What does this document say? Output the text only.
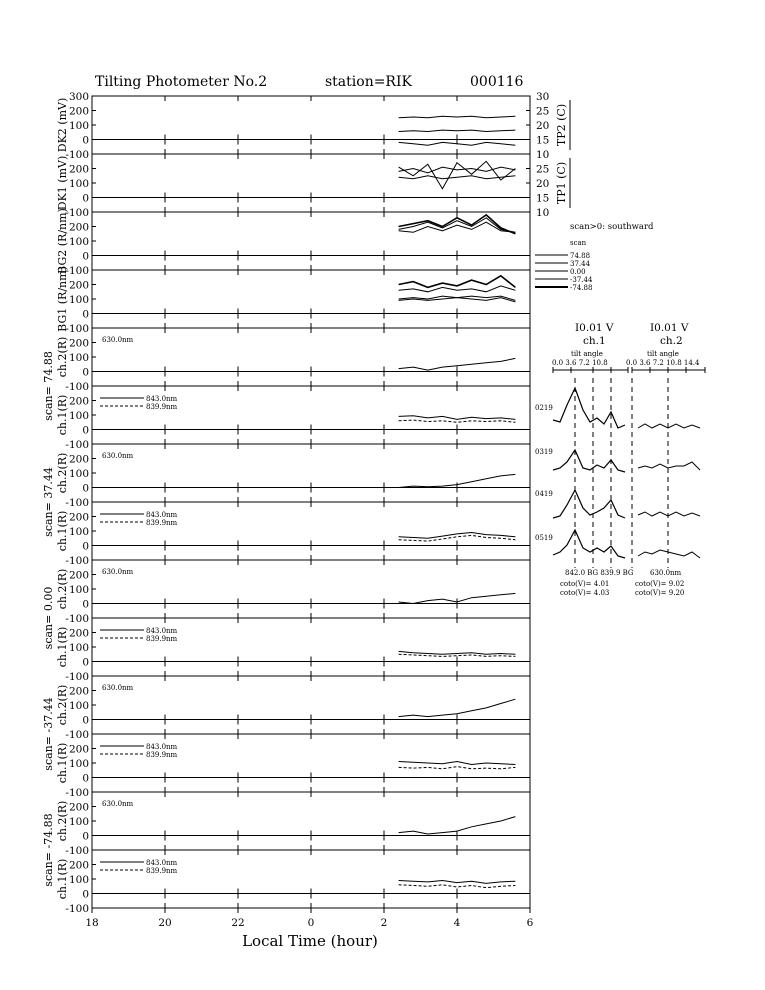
Tilting Photometer No.2	station=RIK	000116
300
200
100
0
-100
30
25
20
15
10
TP2 (C)
DK2 (mV)
200
100
0
-100
25
20
15
10
TP1 (C)
DK1 (mV)
200
100
0
-100
BG2 (R/nm)
200
100
0
-100
BG1 (R/nm)
200
100
0
-100
ch.2(R)
scan= 74.88
630.0nm
200
100
0
-100
ch.1(R)	843.0nm
839.9nm
200
100
0
-100
ch.2(R)
scan= 37.44
630.0nm
200
100
0
-100
ch.1(R)	843.0nm
839.9nm
200
100
0
-100
ch.2(R)
scan= 0.00
630.0nm
200
100
0
-100
ch.1(R)	843.0nm
839.9nm
200
100
0
-100
ch.2(R)
scan= -37.44
630.0nm
200
100
0
-100
ch.1(R)	843.0nm
839.9nm
200
100
0
-100
ch.2(R)
scan= -74.88
630.0nm
200
100
0
-100
ch.1(R)	843.0nm
839.9nm
18	20	22	0	2	4	6
Local Time (hour)
scan>0: southward
scan
74.88
37.44
0.00
-37.44
-74.88
I0.01 V	I0.01 V
ch.1	ch.2
tilt angle	tilt angle
0.0 3.6 7.2 10.8	0.0 3.6 7.2 10.8 14.4
0219
0319
0419
0519
842.0 BG 839.9 BG 630.0nm
coto(V)= 4.01
coto(V)= 4.03
coto(V)= 9.02
coto(V)= 9.20
